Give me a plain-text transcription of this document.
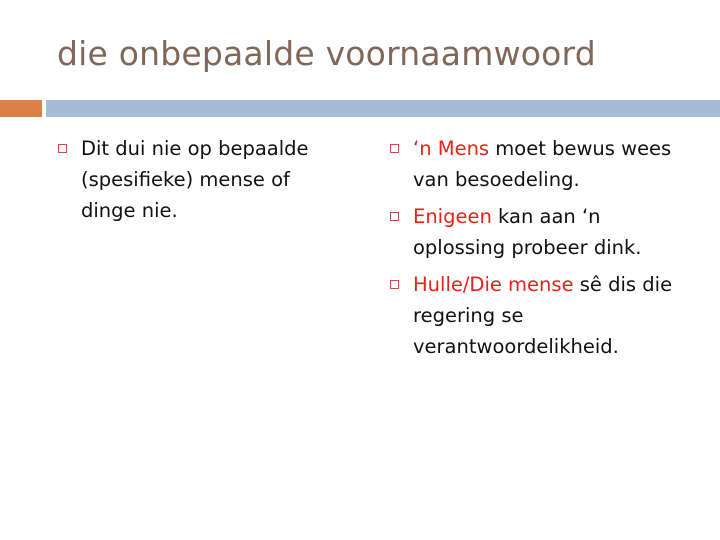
die onbepaalde voornaamwoord
Dit dui nie op bepaalde (spesifieke) mense of dinge nie.
‘n Mens moet bewus wees van besoedeling.
Enigeen kan aan ‘n oplossing probeer dink.
Hulle/Die mense sê dis die regering se verantwoordelikheid.
